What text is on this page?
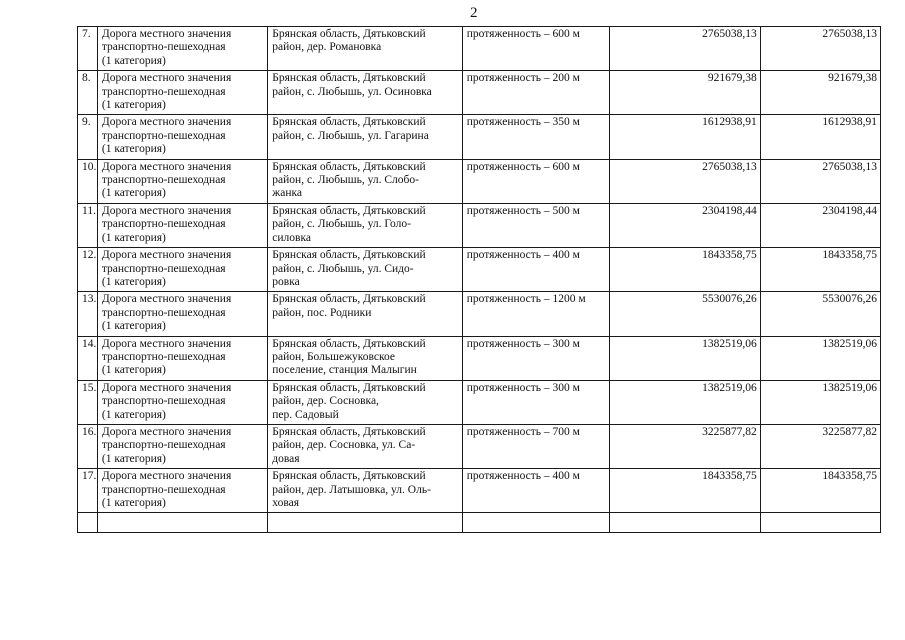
2
7.	Дорога местного значения
транспортно-пешеходная
(1 категория)	Брянская область, Дятьковский
район, дер. Романовка	протяженность – 600 м	2765038,13	2765038,13
8.	Дорога местного значения
транспортно-пешеходная
(1 категория)	Брянская область, Дятьковский
район, с. Любышь, ул. Осиновка	протяженность – 200 м	921679,38	921679,38
9.	Дорога местного значения
транспортно-пешеходная
(1 категория)	Брянская область, Дятьковский
район, с. Любышь, ул. Гагарина	протяженность – 350 м	1612938,91	1612938,91
10.	Дорога местного значения
транспортно-пешеходная
(1 категория)	Брянская область, Дятьковский
район, с. Любышь, ул. Слобо-
жанка	протяженность – 600 м	2765038,13	2765038,13
11.	Дорога местного значения
транспортно-пешеходная
(1 категория)	Брянская область, Дятьковский
район, с. Любышь, ул. Голо-
силовка	протяженность – 500 м	2304198,44	2304198,44
12.	Дорога местного значения
транспортно-пешеходная
(1 категория)	Брянская область, Дятьковский
район, с. Любышь, ул. Сидо-
ровка	протяженность – 400 м	1843358,75	1843358,75
13.	Дорога местного значения
транспортно-пешеходная
(1 категория)	Брянская область, Дятьковский
район, пос. Родники	протяженность – 1200 м	5530076,26	5530076,26
14.	Дорога местного значения
транспортно-пешеходная
(1 категория)	Брянская область, Дятьковский
район, Большежуковское
поселение, станция Малыгин	протяженность – 300 м	1382519,06	1382519,06
15.	Дорога местного значения
транспортно-пешеходная
(1 категория)	Брянская область, Дятьковский
район, дер. Сосновка,
пер. Садовый	протяженность – 300 м	1382519,06	1382519,06
16.	Дорога местного значения
транспортно-пешеходная
(1 категория)	Брянская область, Дятьковский
район, дер. Сосновка, ул. Са-
довая	протяженность – 700 м	3225877,82	3225877,82
17.	Дорога местного значения
транспортно-пешеходная
(1 категория)	Брянская область, Дятьковский
район, дер. Латышовка, ул. Оль-
ховая	протяженность – 400 м	1843358,75	1843358,75
